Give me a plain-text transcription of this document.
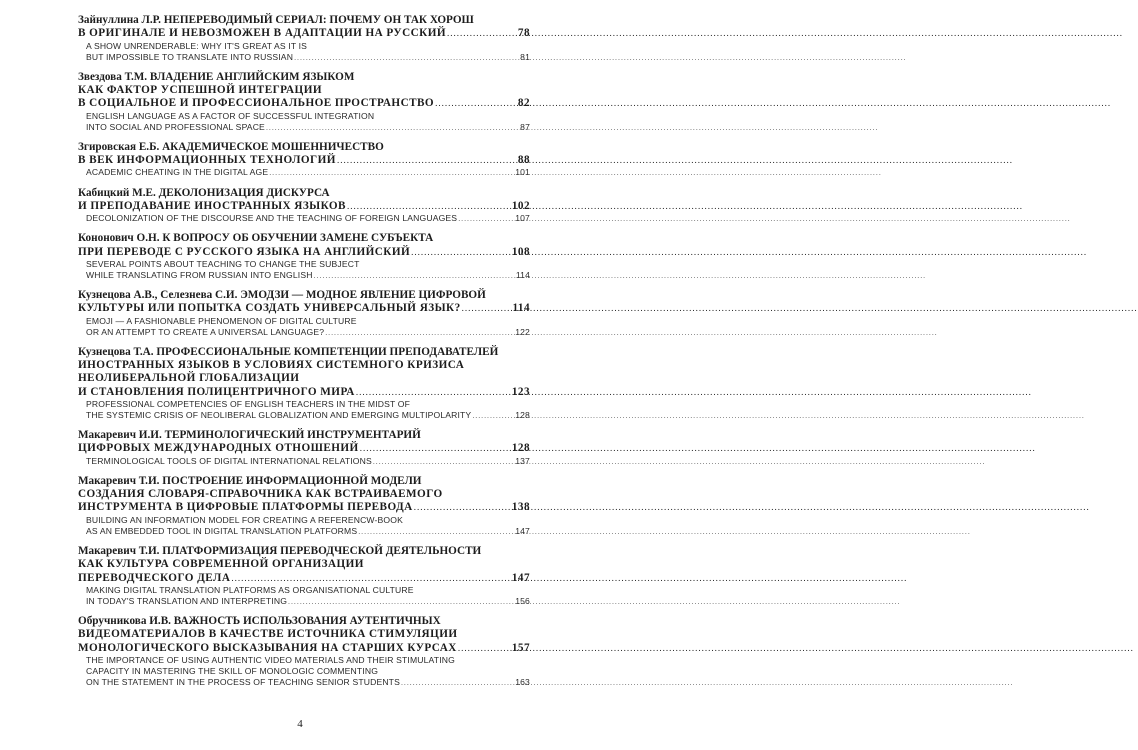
Зайнуллина Л.Р. НЕПЕРЕВОДИМЫЙ СЕРИАЛ: ПОЧЕМУ ОН ТАК ХОРОШ
В ОРИГИНАЛЕ И НЕВОЗМОЖЕН В АДАПТАЦИИ НА РУССКИЙ .....	78
A SHOW UNRENDERABLE: WHY IT'S GREAT AS IT IS
BUT IMPOSSIBLE TO TRANSLATE INTO RUSSIAN .....	81
Звездова Т.М. ВЛАДЕНИЕ АНГЛИЙСКИМ ЯЗЫКОМ
КАК ФАКТОР УСПЕШНОЙ ИНТЕГРАЦИИ
В СОЦИАЛЬНОЕ И ПРОФЕССИОНАЛЬНОЕ ПРОСТРАНСТВО .....	82
ENGLISH LANGUAGE AS A FACTOR OF SUCCESSFUL INTEGRATION
INTO SOCIAL AND PROFESSIONAL SPACE .....	87
Згировская Е.Б. АКАДЕМИЧЕСКОЕ МОШЕННИЧЕСТВО
В ВЕК ИНФОРМАЦИОННЫХ ТЕХНОЛОГИЙ .....	88
ACADEMIC CHEATING IN THE DIGITAL AGE .....	101
Кабицкий М.Е. ДЕКОЛОНИЗАЦИЯ ДИСКУРСА
И ПРЕПОДАВАНИЕ ИНОСТРАННЫХ ЯЗЫКОВ .....	102
DECOLONIZATION OF THE DISCOURSE AND THE TEACHING OF FOREIGN LANGUAGES .....	107
Кононович О.Н. К ВОПРОСУ ОБ ОБУЧЕНИИ ЗАМЕНЕ СУБЪЕКТА
ПРИ ПЕРЕВОДЕ С РУССКОГО ЯЗЫКА НА АНГЛИЙСКИЙ .....	108
SEVERAL POINTS ABOUT TEACHING TO CHANGE THE SUBJECT
WHILE TRANSLATING FROM RUSSIAN INTO ENGLISH .....	114
Кузнецова А.В., Селезнева С.И. ЭМОДЗИ — МОДНОЕ ЯВЛЕНИЕ ЦИФРОВОЙ
КУЛЬТУРЫ ИЛИ ПОПЫТКА СОЗДАТЬ УНИВЕРСАЛЬНЫЙ ЯЗЫК? .....	114
EMOJI — A FASHIONABLE PHENOMENON OF DIGITAL CULTURE
OR AN ATTEMPT TO CREATE A UNIVERSAL LANGUAGE? .....	122
Кузнецова Т.А. ПРОФЕССИОНАЛЬНЫЕ КОМПЕТЕНЦИИ ПРЕПОДАВАТЕЛЕЙ
ИНОСТРАННЫХ ЯЗЫКОВ В УСЛОВИЯХ СИСТЕМНОГО КРИЗИСА
НЕОЛИБЕРАЛЬНОЙ ГЛОБАЛИЗАЦИИ
И СТАНОВЛЕНИЯ ПОЛИЦЕНТРИЧНОГО МИРА .....	123
PROFESSIONAL COMPETENCIES OF ENGLISH TEACHERS IN THE MIDST OF
THE SYSTEMIC CRISIS OF NEOLIBERAL GLOBALIZATION AND EMERGING MULTIPOLARITY .....	128
Макаревич И.И. ТЕРМИНОЛОГИЧЕСКИЙ ИНСТРУМЕНТАРИЙ
ЦИФРОВЫХ МЕЖДУНАРОДНЫХ ОТНОШЕНИЙ .....	128
TERMINOLOGICAL TOOLS OF DIGITAL INTERNATIONAL RELATIONS .....	137
Макаревич Т.И. ПОСТРОЕНИЕ ИНФОРМАЦИОННОЙ МОДЕЛИ
СОЗДАНИЯ СЛОВАРЯ-СПРАВОЧНИКА КАК ВСТРАИВАЕМОГО
ИНСТРУМЕНТА В ЦИФРОВЫЕ ПЛАТФОРМЫ ПЕРЕВОДА .....	138
BUILDING AN INFORMATION MODEL FOR CREATING A REFERENCW-BOOK
AS AN EMBEDDED TOOL IN DIGITAL TRANSLATION PLATFORMS .....	147
Макаревич Т.И. ПЛАТФОРМИЗАЦИЯ ПЕРЕВОДЧЕСКОЙ ДЕЯТЕЛЬНОСТИ
КАК КУЛЬТУРА СОВРЕМЕННОЙ ОРГАНИЗАЦИИ
ПЕРЕВОДЧЕСКОГО ДЕЛА .....	147
MAKING DIGITAL TRANSLATION PLATFORMS AS ORGANISATIONAL CULTURE
IN TODAY'S TRANSLATION AND INTERPRETING .....	156
Обручникова И.В. ВАЖНОСТЬ ИСПОЛЬЗОВАНИЯ АУТЕНТИЧНЫХ
ВИДЕОМАТЕРИАЛОВ В КАЧЕСТВЕ ИСТОЧНИКА СТИМУЛЯЦИИ
МОНОЛОГИЧЕСКОГО ВЫСКАЗЫВАНИЯ НА СТАРШИХ КУРСАХ .....	157
THE IMPORTANCE OF USING AUTHENTIC VIDEO MATERIALS AND THEIR STIMULATING
CAPACITY IN MASTERING THE SKILL OF MONOLOGIC COMMENTING
ON THE STATEMENT IN THE PROCESS OF TEACHING SENIOR STUDENTS .....	163
4
